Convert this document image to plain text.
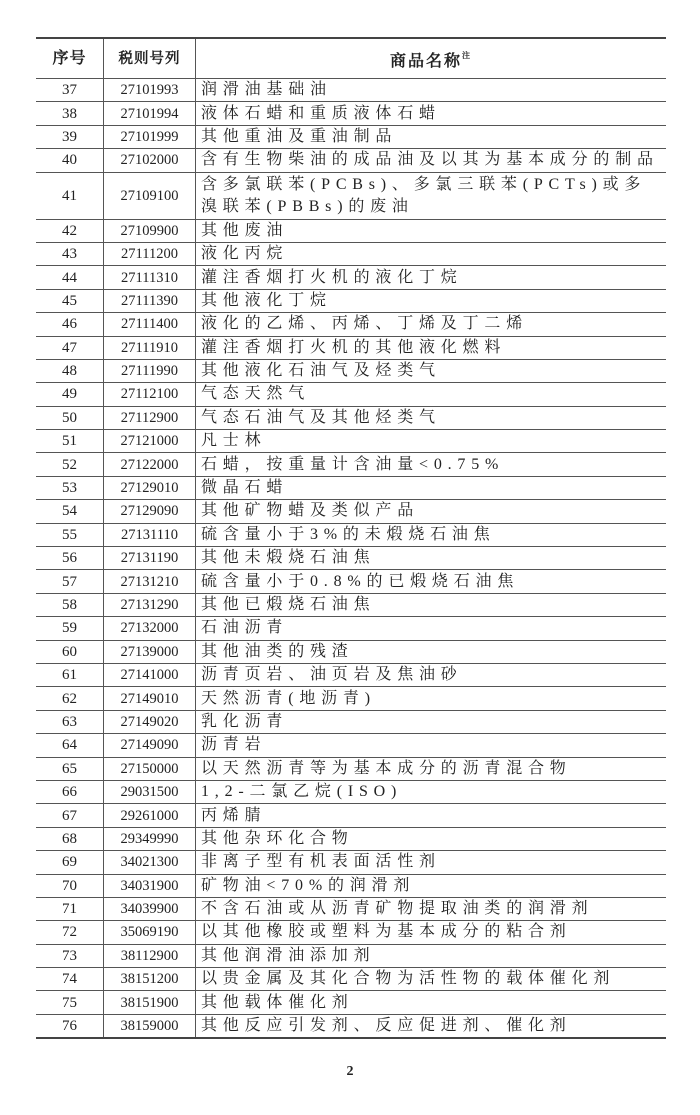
序号	税则号列	商品名称$^注$
37	27101993	润滑油基础油
38	27101994	液体石蜡和重质液体石蜡
39	27101999	其他重油及重油制品
40	27102000	含有生物柴油的成品油及以其为基本成分的制品
41	27109100	含多氯联苯(PCBs)、多氯三联苯(PCTs)或多溴联苯(PBBs)的废油
42	27109900	其他废油
43	27111200	液化丙烷
44	27111310	灌注香烟打火机的液化丁烷
45	27111390	其他液化丁烷
46	27111400	液化的乙烯、丙烯、丁烯及丁二烯
47	27111910	灌注香烟打火机的其他液化燃料
48	27111990	其他液化石油气及烃类气
49	27112100	气态天然气
50	27112900	气态石油气及其他烃类气
51	27121000	凡士林
52	27122000	石蜡，按重量计含油量<0.75%
53	27129010	微晶石蜡
54	27129090	其他矿物蜡及类似产品
55	27131110	硫含量小于3%的未煅烧石油焦
56	27131190	其他未煅烧石油焦
57	27131210	硫含量小于0.8%的已煅烧石油焦
58	27131290	其他已煅烧石油焦
59	27132000	石油沥青
60	27139000	其他油类的残渣
61	27141000	沥青页岩、油页岩及焦油砂
62	27149010	天然沥青(地沥青)
63	27149020	乳化沥青
64	27149090	沥青岩
65	27150000	以天然沥青等为基本成分的沥青混合物
66	29031500	1,2-二氯乙烷(ISO)
67	29261000	丙烯腈
68	29349990	其他杂环化合物
69	34021300	非离子型有机表面活性剂
70	34031900	矿物油<70%的润滑剂
71	34039900	不含石油或从沥青矿物提取油类的润滑剂
72	35069190	以其他橡胶或塑料为基本成分的粘合剂
73	38112900	其他润滑油添加剂
74	38151200	以贵金属及其化合物为活性物的载体催化剂
75	38151900	其他载体催化剂
76	38159000	其他反应引发剂、反应促进剂、催化剂
2
